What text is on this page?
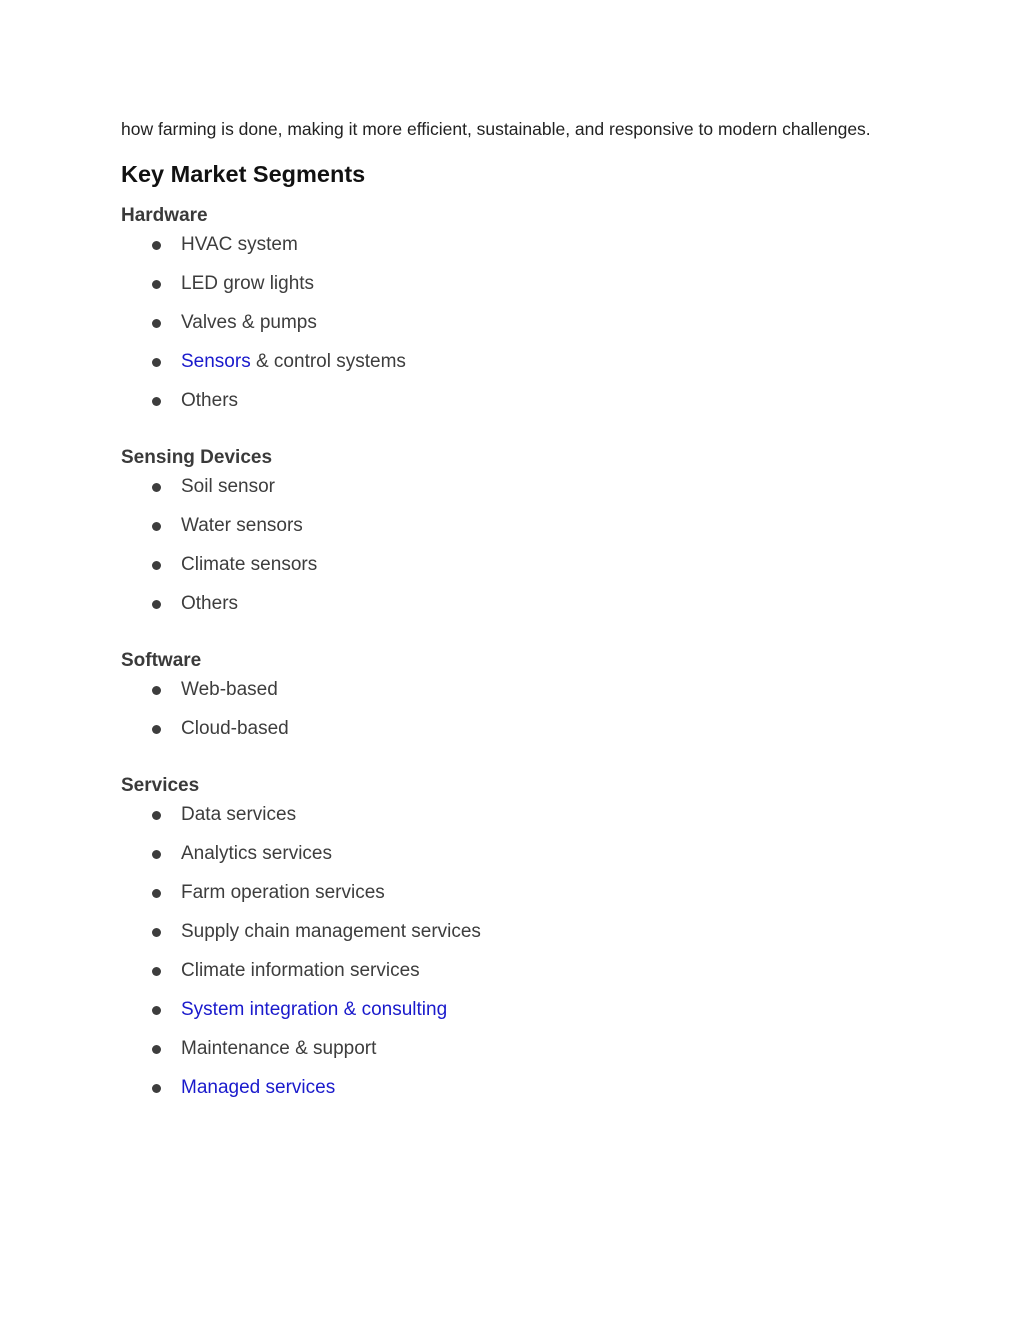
how farming is done, making it more efficient, sustainable, and responsive to modern challenges.

Key Market Segments
Hardware
HVAC system
LED grow lights
Valves & pumps
Sensors & control systems
Others
Sensing Devices
Soil sensor
Water sensors
Climate sensors
Others
Software
Web-based
Cloud-based
Services
Data services
Analytics services
Farm operation services
Supply chain management services
Climate information services
System integration & consulting
Maintenance & support
Managed services
